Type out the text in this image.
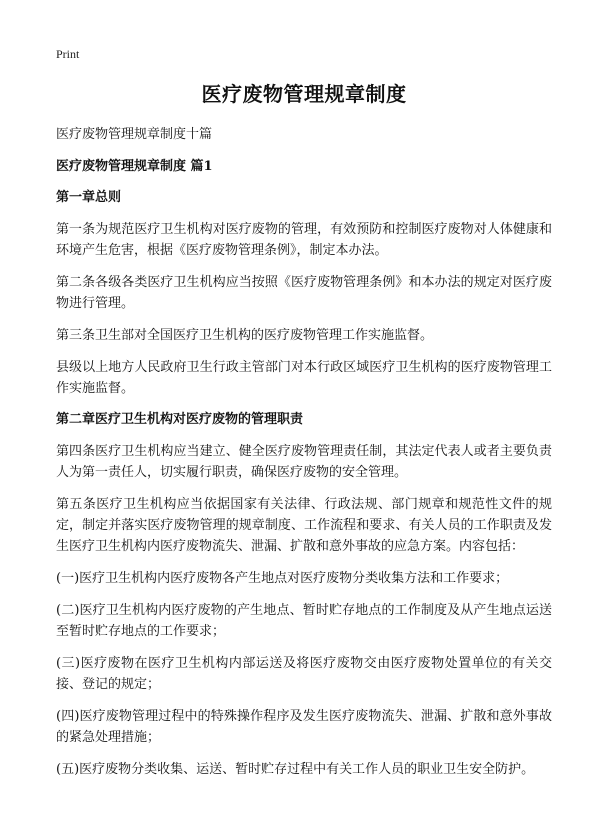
Print
医疗废物管理规章制度

医疗废物管理规章制度十篇

医疗废物管理规章制度 篇1

第一章总则

第一条为规范医疗卫生机构对医疗废物的管理，有效预防和控制医疗废物对人体健康和环境产生危害，根据《医疗废物管理条例》，制定本办法。

第二条各级各类医疗卫生机构应当按照《医疗废物管理条例》和本办法的规定对医疗废物进行管理。

第三条卫生部对全国医疗卫生机构的医疗废物管理工作实施监督。

县级以上地方人民政府卫生行政主管部门对本行政区域医疗卫生机构的医疗废物管理工作实施监督。

第二章医疗卫生机构对医疗废物的管理职责

第四条医疗卫生机构应当建立、健全医疗废物管理责任制，其法定代表人或者主要负责人为第一责任人，切实履行职责，确保医疗废物的安全管理。

第五条医疗卫生机构应当依据国家有关法律、行政法规、部门规章和规范性文件的规定，制定并落实医疗废物管理的规章制度、工作流程和要求、有关人员的工作职责及发生医疗卫生机构内医疗废物流失、泄漏、扩散和意外事故的应急方案。内容包括：

(一)医疗卫生机构内医疗废物各产生地点对医疗废物分类收集方法和工作要求；

(二)医疗卫生机构内医疗废物的产生地点、暂时贮存地点的工作制度及从产生地点运送至暂时贮存地点的工作要求；

(三)医疗废物在医疗卫生机构内部运送及将医疗废物交由医疗废物处置单位的有关交接、登记的规定；

(四)医疗废物管理过程中的特殊操作程序及发生医疗废物流失、泄漏、扩散和意外事故的紧急处理措施；

(五)医疗废物分类收集、运送、暂时贮存过程中有关工作人员的职业卫生安全防护。
